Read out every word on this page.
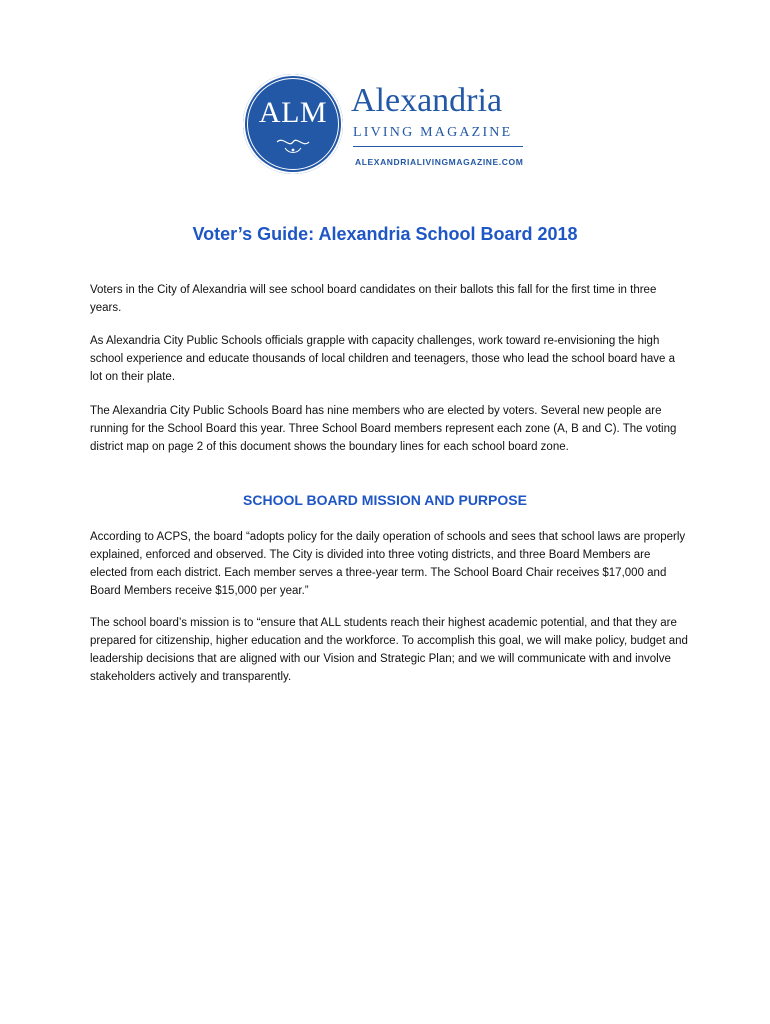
ALM Alexandria
LIVING MAGAZINE
ALEXANDRIALIVINGMAGAZINE.COM
Voter’s Guide: Alexandria School Board 2018

Voters in the City of Alexandria will see school board candidates on their ballots this fall for the first time in three years.

As Alexandria City Public Schools officials grapple with capacity challenges, work toward re-envisioning the high school experience and educate thousands of local children and teenagers, those who lead the school board have a lot on their plate.

The Alexandria City Public Schools Board has nine members who are elected by voters. Several new people are running for the School Board this year. Three School Board members represent each zone (A, B and C). The voting district map on page 2 of this document shows the boundary lines for each school board zone.

SCHOOL BOARD MISSION AND PURPOSE

According to ACPS, the board “adopts policy for the daily operation of schools and sees that school laws are properly explained, enforced and observed. The City is divided into three voting districts, and three Board Members are elected from each district. Each member serves a three-year term. The School Board Chair receives $17,000 and Board Members receive $15,000 per year.”

The school board’s mission is to “ensure that ALL students reach their highest academic potential, and that they are prepared for citizenship, higher education and the workforce. To accomplish this goal, we will make policy, budget and leadership decisions that are aligned with our Vision and Strategic Plan; and we will communicate with and involve stakeholders actively and transparently.
